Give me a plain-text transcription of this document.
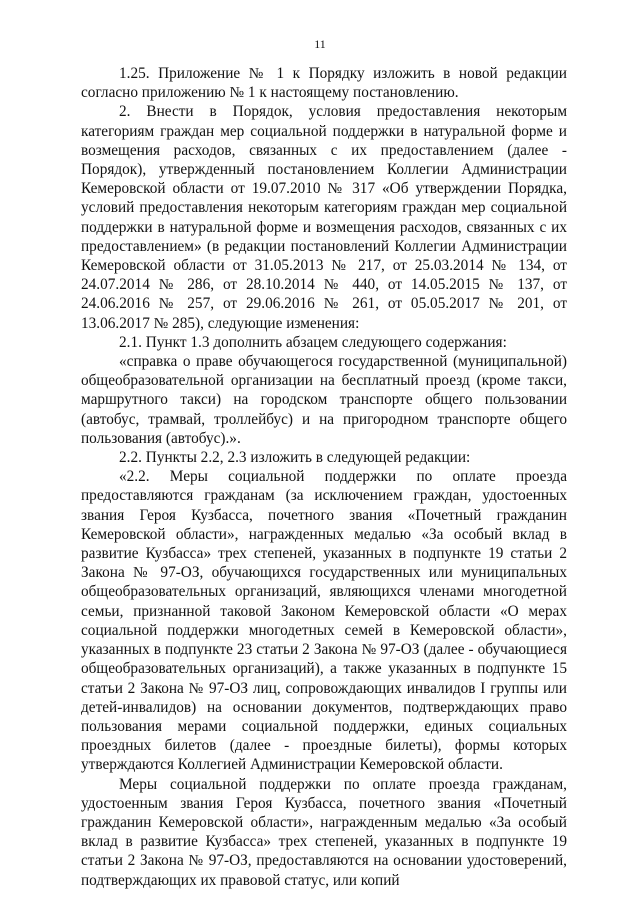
11

1.25. Приложение № 1 к Порядку изложить в новой редакции согласно приложению № 1 к настоящему постановлению.

2. Внести в Порядок, условия предоставления некоторым категориям граждан мер социальной поддержки в натуральной форме и возмещения расходов, связанных с их предоставлением (далее - Порядок), утвержденный постановлением Коллегии Администрации Кемеровской области от 19.07.2010 № 317 «Об утверждении Порядка, условий предоставления некоторым категориям граждан мер социальной поддержки в натуральной форме и возмещения расходов, связанных с их предоставлением» (в редакции постановлений Коллегии Администрации Кемеровской области от 31.05.2013 № 217, от 25.03.2014 № 134, от 24.07.2014 № 286, от 28.10.2014 № 440, от 14.05.2015 № 137, от 24.06.2016 № 257, от 29.06.2016 № 261, от 05.05.2017 № 201, от 13.06.2017 № 285), следующие изменения:

2.1. Пункт 1.3 дополнить абзацем следующего содержания:

«справка о праве обучающегося государственной (муниципальной) общеобразовательной организации на бесплатный проезд (кроме такси, маршрутного такси) на городском транспорте общего пользовании (автобус, трамвай, троллейбус) и на пригородном транспорте общего пользования (автобус).».

2.2. Пункты 2.2, 2.3 изложить в следующей редакции:

«2.2. Меры социальной поддержки по оплате проезда предоставляются гражданам (за исключением граждан, удостоенных звания Героя Кузбасса, почетного звания «Почетный гражданин Кемеровской области», награжденных медалью «За особый вклад в развитие Кузбасса» трех степеней, указанных в подпункте 19 статьи 2 Закона № 97-ОЗ, обучающихся государственных или муниципальных общеобразовательных организаций, являющихся членами многодетной семьи, признанной таковой Законом Кемеровской области «О мерах социальной поддержки многодетных семей в Кемеровской области», указанных в подпункте 23 статьи 2 Закона № 97-ОЗ (далее - обучающиеся общеобразовательных организаций), а также указанных в подпункте 15 статьи 2 Закона № 97-ОЗ лиц, сопровождающих инвалидов I группы или детей-инвалидов) на основании документов, подтверждающих право пользования мерами социальной поддержки, единых социальных проездных билетов (далее - проездные билеты), формы которых утверждаются Коллегией Администрации Кемеровской области.

Меры социальной поддержки по оплате проезда гражданам, удостоенным звания Героя Кузбасса, почетного звания «Почетный гражданин Кемеровской области», награжденным медалью «За особый вклад в развитие Кузбасса» трех степеней, указанных в подпункте 19 статьи 2 Закона № 97-ОЗ, предоставляются на основании удостоверений, подтверждающих их правовой статус, или копий
